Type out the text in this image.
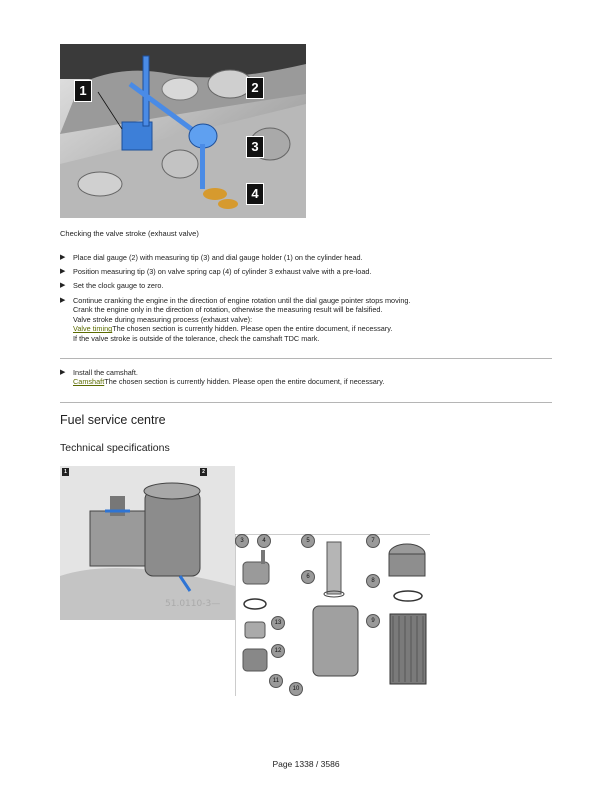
1	2
3
4
Checking the valve stroke (exhaust valve)
▶ Place dial gauge (2) with measuring tip (3) and dial gauge holder (1) on the cylinder head.
▶ Position measuring tip (3) on valve spring cap (4) of cylinder 3 exhaust valve with a pre-load.
▶ Set the clock gauge to zero.
▶ Continue cranking the engine in the direction of engine rotation until the dial gauge pointer stops moving.
Crank the engine only in the direction of rotation, otherwise the measuring result will be falsified.
Valve stroke during measuring process (exhaust valve):
Valve timingThe chosen section is currently hidden. Please open the entire document, if necessary.
If the valve stroke is outside of the tolerance, check the camshaft TDC mark.
▶ Install the camshaft.
CamshaftThe chosen section is currently hidden. Please open the entire document, if necessary.
Fuel service centre
Technical specifications
51.0110-3—
1	2
3	4	5
6
7
8
9
10
11
12
13
Page 1338 / 3586
